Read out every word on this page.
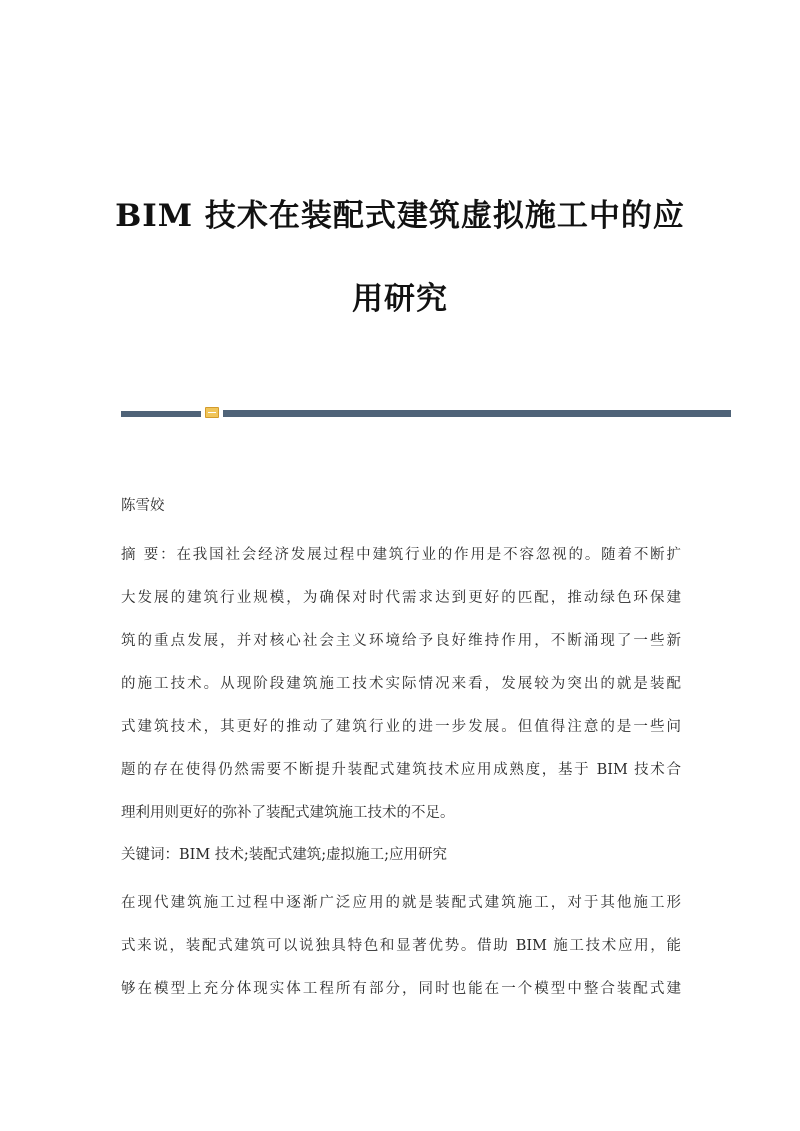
BIM 技术在装配式建筑虚拟施工中的应
用研究
陈雪姣
摘 要：在我国社会经济发展过程中建筑行业的作用是不容忽视的。随着不断扩
大发展的建筑行业规模，为确保对时代需求达到更好的匹配，推动绿色环保建
筑的重点发展，并对核心社会主义环境给予良好维持作用，不断涌现了一些新
的施工技术。从现阶段建筑施工技术实际情况来看，发展较为突出的就是装配
式建筑技术，其更好的推动了建筑行业的进一步发展。但值得注意的是一些问
题的存在使得仍然需要不断提升装配式建筑技术应用成熟度，基于 BIM 技术合
理利用则更好的弥补了装配式建筑施工技术的不足。
关键词：BIM 技术;装配式建筑;虚拟施工;应用研究
在现代建筑施工过程中逐渐广泛应用的就是装配式建筑施工，对于其他施工形
式来说，装配式建筑可以说独具特色和显著优势。借助 BIM 施工技术应用，能
够在模型上充分体现实体工程所有部分，同时也能在一个模型中整合装配式建
